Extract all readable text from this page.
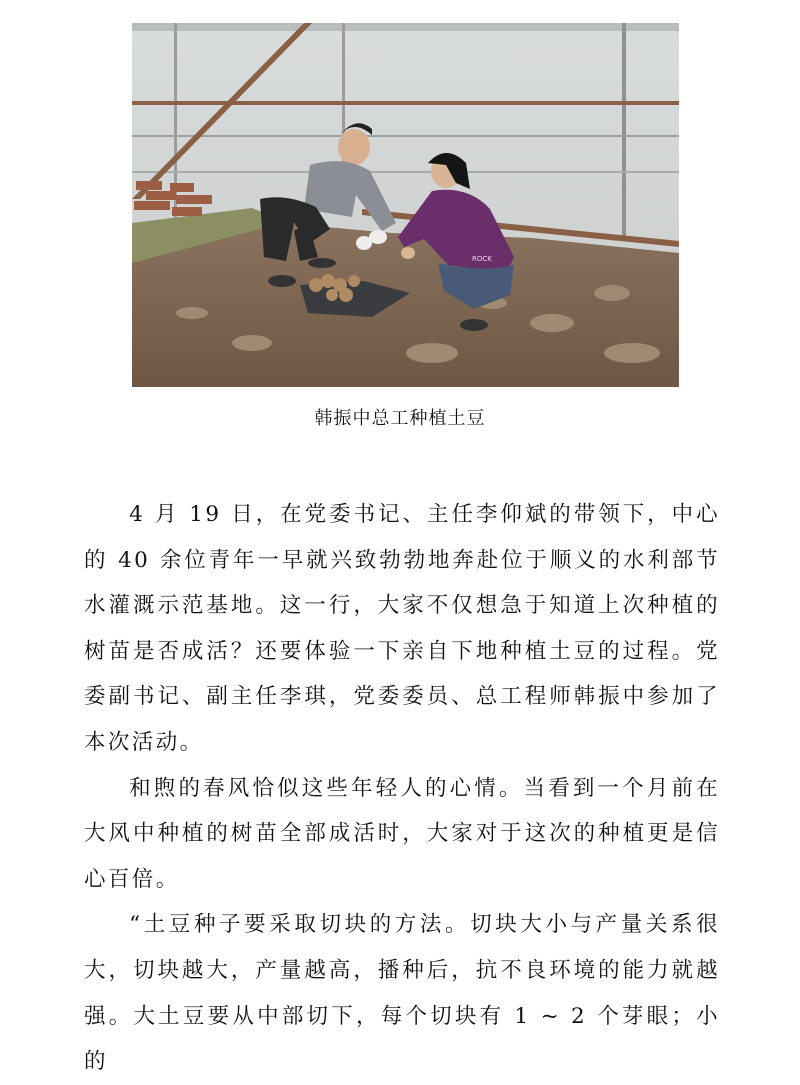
ROCK
韩振中总工种植土豆

4 月 19 日，在党委书记、主任李仰斌的带领下，中心的 40 余位青年一早就兴致勃勃地奔赴位于顺义的水利部节水灌溉示范基地。这一行，大家不仅想急于知道上次种植的树苗是否成活？还要体验一下亲自下地种植土豆的过程。党委副书记、副主任李琪，党委委员、总工程师韩振中参加了本次活动。

和煦的春风恰似这些年轻人的心情。当看到一个月前在大风中种植的树苗全部成活时，大家对于这次的种植更是信心百倍。

“土豆种子要采取切块的方法。切块大小与产量关系很大，切块越大，产量越高，播种后，抗不良环境的能力就越强。大土豆要从中部切下，每个切块有 1 ~ 2 个芽眼；小的
